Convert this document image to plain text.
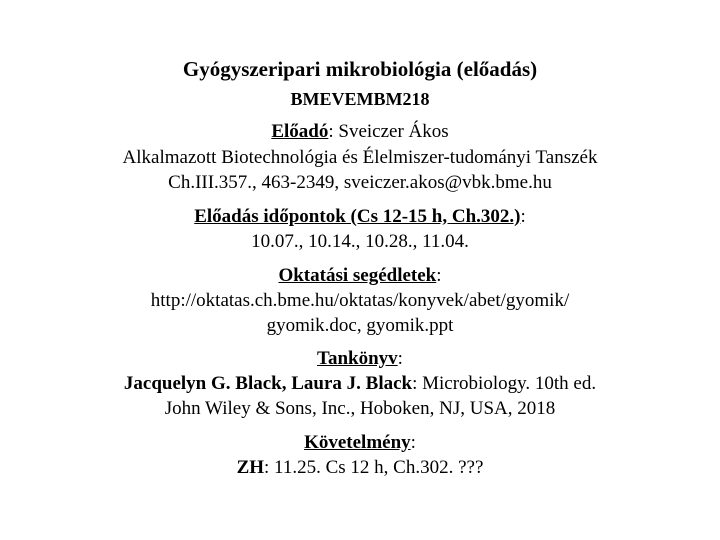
Gyógyszeripari mikrobiológia (előadás)
BMEVEMBM218
Előadó: Sveiczer Ákos
Alkalmazott Biotechnológia és Élelmiszer-tudományi Tanszék
Ch.III.357., 463-2349, sveiczer.akos@vbk.bme.hu
Előadás időpontok (Cs 12-15 h, Ch.302.):
10.07., 10.14., 10.28., 11.04.
Oktatási segédletek:
http://oktatas.ch.bme.hu/oktatas/konyvek/abet/gyomik/
gyomik.doc, gyomik.ppt
Tankönyv:
Jacquelyn G. Black, Laura J. Black: Microbiology. 10th ed.
John Wiley & Sons, Inc., Hoboken, NJ, USA, 2018
Követelmény:
ZH: 11.25. Cs 12 h, Ch.302. ???
